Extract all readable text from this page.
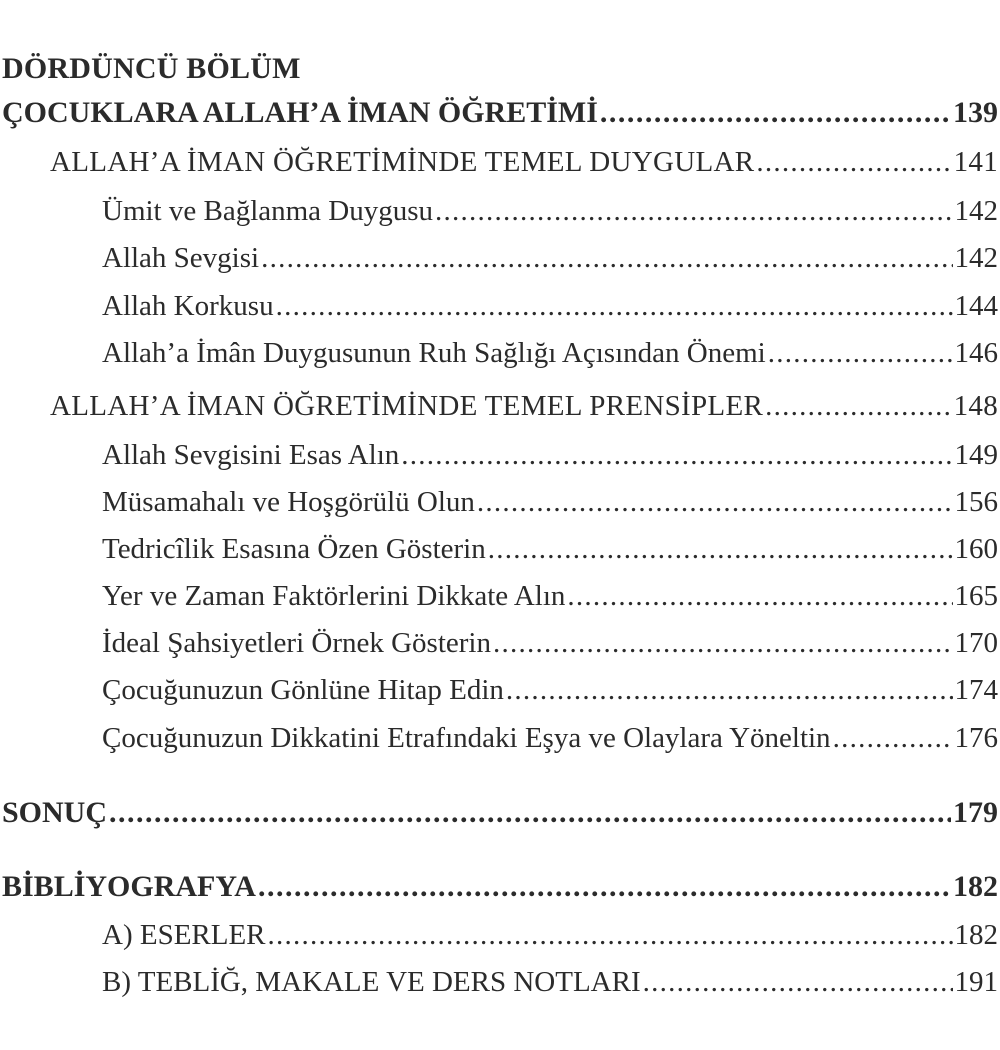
DÖRDÜNCÜ BÖLÜM
ÇOCUKLARA ALLAH’A İMAN ÖĞRETİMİ . . .	139
ALLAH’A İMAN ÖĞRETİMİNDE TEMEL DUYGULAR . . .	141
Ümit ve Bağlanma Duygusu . . .	142
Allah Sevgisi . . .	142
Allah Korkusu . . .	144
Allah’a İmân Duygusunun Ruh Sağlığı Açısından Önemi . . .	146
ALLAH’A İMAN ÖĞRETİMİNDE TEMEL PRENSİPLER . . .	148
Allah Sevgisini Esas Alın . . .	149
Müsamahalı ve Hoşgörülü Olun . . .	156
Tedricîlik Esasına Özen Gösterin . . .	160
Yer ve Zaman Faktörlerini Dikkate Alın . . .	165
İdeal Şahsiyetleri Örnek Gösterin . . .	170
Çocuğunuzun Gönlüne Hitap Edin . . .	174
Çocuğunuzun Dikkatini Etrafındaki Eşya ve Olaylara Yöneltin . . .	176
SONUÇ . . .	179
BİBLİYOGRAFYA . . .	182
A) ESERLER . . .	182
B) TEBLİĞ, MAKALE VE DERS NOTLARI . . .	191
